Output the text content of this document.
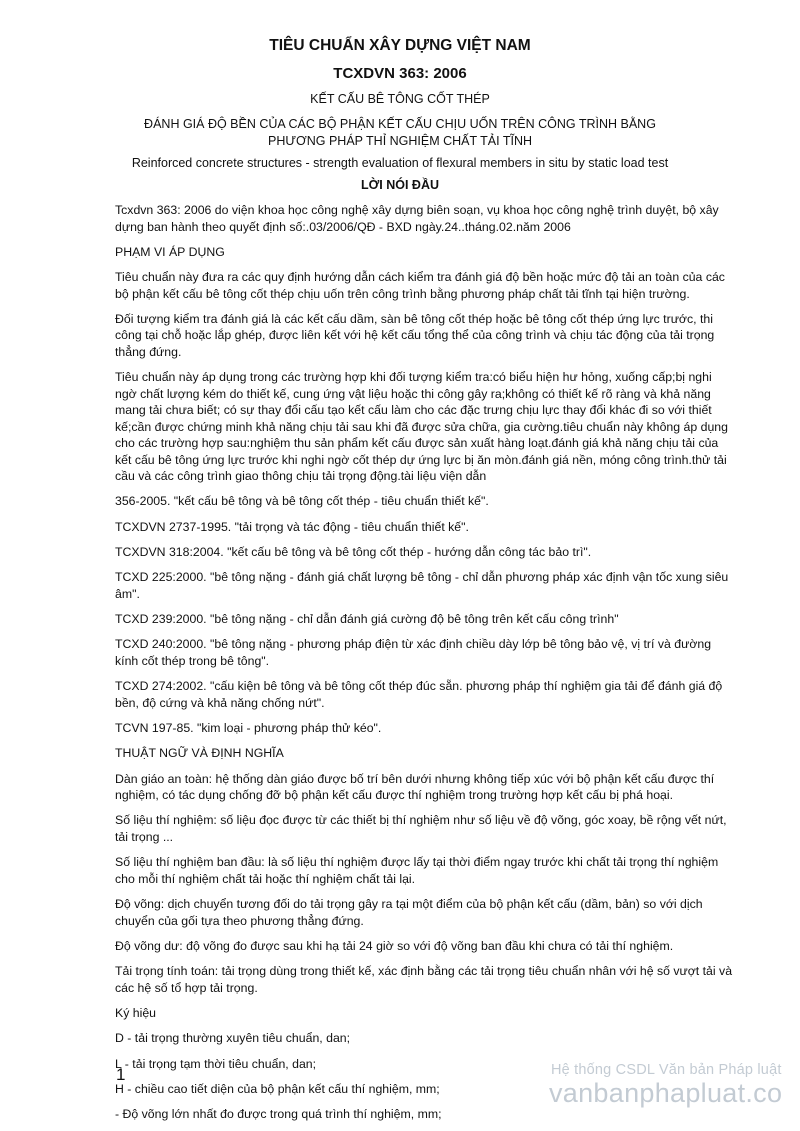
TIÊU CHUẨN XÂY DỰNG VIỆT NAM
TCXDVN 363: 2006
KẾT CẤU BÊ TÔNG CỐT THÉP
ĐÁNH GIÁ ĐỘ BỀN CỦA CÁC BỘ PHẬN KẾT CẤU CHỊU UỐN TRÊN CÔNG TRÌNH BẰNG PHƯƠNG PHÁP THỈ NGHIỆM CHẤT TẢI TĨNH
Reinforced concrete structures - strength evaluation of flexural members in situ by static load test
LỜI NÓI ĐẦU

Tcxdvn 363: 2006 do viện khoa học công nghệ xây dựng biên soạn, vụ khoa học công nghệ trình duyệt, bộ xây dựng ban hành theo quyết định số:.03/2006/QĐ - BXD ngày.24..tháng.02.năm 2006

PHẠM VI ÁP DỤNG

Tiêu chuẩn này đưa ra các quy định hướng dẫn cách kiểm tra đánh giá độ bền hoặc mức độ tải an toàn của các bộ phận kết cấu bê tông cốt thép chịu uốn trên công trình bằng phương pháp chất tải tĩnh tại hiện trường.

Đối tượng kiểm tra đánh giá là các kết cấu dầm, sàn bê tông cốt thép hoặc bê tông cốt thép ứng lực trước, thi công tại chỗ hoặc lắp ghép, được liên kết với hệ kết cấu tổng thể của công trình và chịu tác động của tải trọng thẳng đứng.

Tiêu chuẩn này áp dụng trong các trường hợp khi đối tượng kiểm tra:có biểu hiện hư hỏng, xuống cấp;bị nghi ngờ chất lượng kém do thiết kế, cung ứng vật liệu hoặc thi công gây ra;không có thiết kế rõ ràng và khả năng mang tải chưa biết; có sự thay đổi cấu tạo kết cấu làm cho các đặc trưng chịu lực thay đổi khác đi so với thiết kế;cần được chứng minh khả năng chịu tải sau khi đã được sửa chữa, gia cường.tiêu chuẩn này không áp dụng cho các trường hợp sau:nghiệm thu sản phẩm kết cấu được sản xuất hàng loạt.đánh giá khả năng chịu tải của kết cấu bê tông ứng lực trước khi nghi ngờ cốt thép dự ứng lực bị ăn mòn.đánh giá nền, móng công trình.thử tải cầu và các công trình giao thông chịu tải trọng động.tài liệu viện dẫn

356-2005. "kết cấu bê tông và bê tông cốt thép - tiêu chuẩn thiết kế".

TCXDVN 2737-1995. "tải trọng và tác động - tiêu chuẩn thiết kế".

TCXDVN 318:2004. "kết cấu bê tông và bê tông cốt thép - hướng dẫn công tác bảo trì".

TCXD 225:2000. "bê tông nặng - đánh giá chất lượng bê tông - chỉ dẫn phương pháp xác định vận tốc xung siêu âm".

TCXD 239:2000. "bê tông nặng - chỉ dẫn đánh giá cường độ bê tông trên kết cấu công trình"

TCXD 240:2000. "bê tông nặng - phương pháp điện từ xác định chiều dày lớp bê tông bảo vệ, vị trí và đường kính cốt thép trong bê tông".

TCXD 274:2002. "cấu kiện bê tông và bê tông cốt thép đúc sẵn. phương pháp thí nghiệm gia tải để đánh giá độ bền, độ cứng và khả năng chống nứt".

TCVN 197-85. "kim loại - phương pháp thử kéo".

THUẬT NGỮ VÀ ĐỊNH NGHĨA

Dàn giáo an toàn: hệ thống dàn giáo được bố trí bên dưới nhưng không tiếp xúc với bộ phận kết cấu được thí nghiệm, có tác dụng chống đỡ bộ phận kết cấu được thí nghiệm trong trường hợp kết cấu bị phá hoại.

Số liệu thí nghiệm: số liệu đọc được từ các thiết bị thí nghiệm như số liệu về độ võng, góc xoay, bề rộng vết nứt, tải trọng ...

Số liệu thí nghiệm ban đầu: là số liệu thí nghiệm được lấy tại thời điểm ngay trước khi chất tải trọng thí nghiệm cho mỗi thí nghiệm chất tải hoặc thí nghiệm chất tải lại.

Độ võng: dịch chuyển tương đối do tải trọng gây ra tại một điểm của bộ phận kết cấu (dầm, bản) so với dịch chuyển của gối tựa theo phương thẳng đứng.

Độ võng dư: độ võng đo được sau khi hạ tải 24 giờ so với độ võng ban đầu khi chưa có tải thí nghiệm.

Tải trọng tính toán: tải trọng dùng trong thiết kế, xác định bằng các tải trọng tiêu chuẩn nhân với hệ số vượt tải và các hệ số tổ hợp tải trọng.

Ký hiệu

D - tải trọng thường xuyên tiêu chuẩn, dan;

L - tải trọng tạm thời tiêu chuẩn, dan;

H - chiều cao tiết diện của bộ phận kết cấu thí nghiệm, mm;

- Độ võng lớn nhất đo được trong quá trình thí nghiệm, mm;

1	Hệ thống CSDL Văn bản Pháp luật
vanbanphapluat.co
